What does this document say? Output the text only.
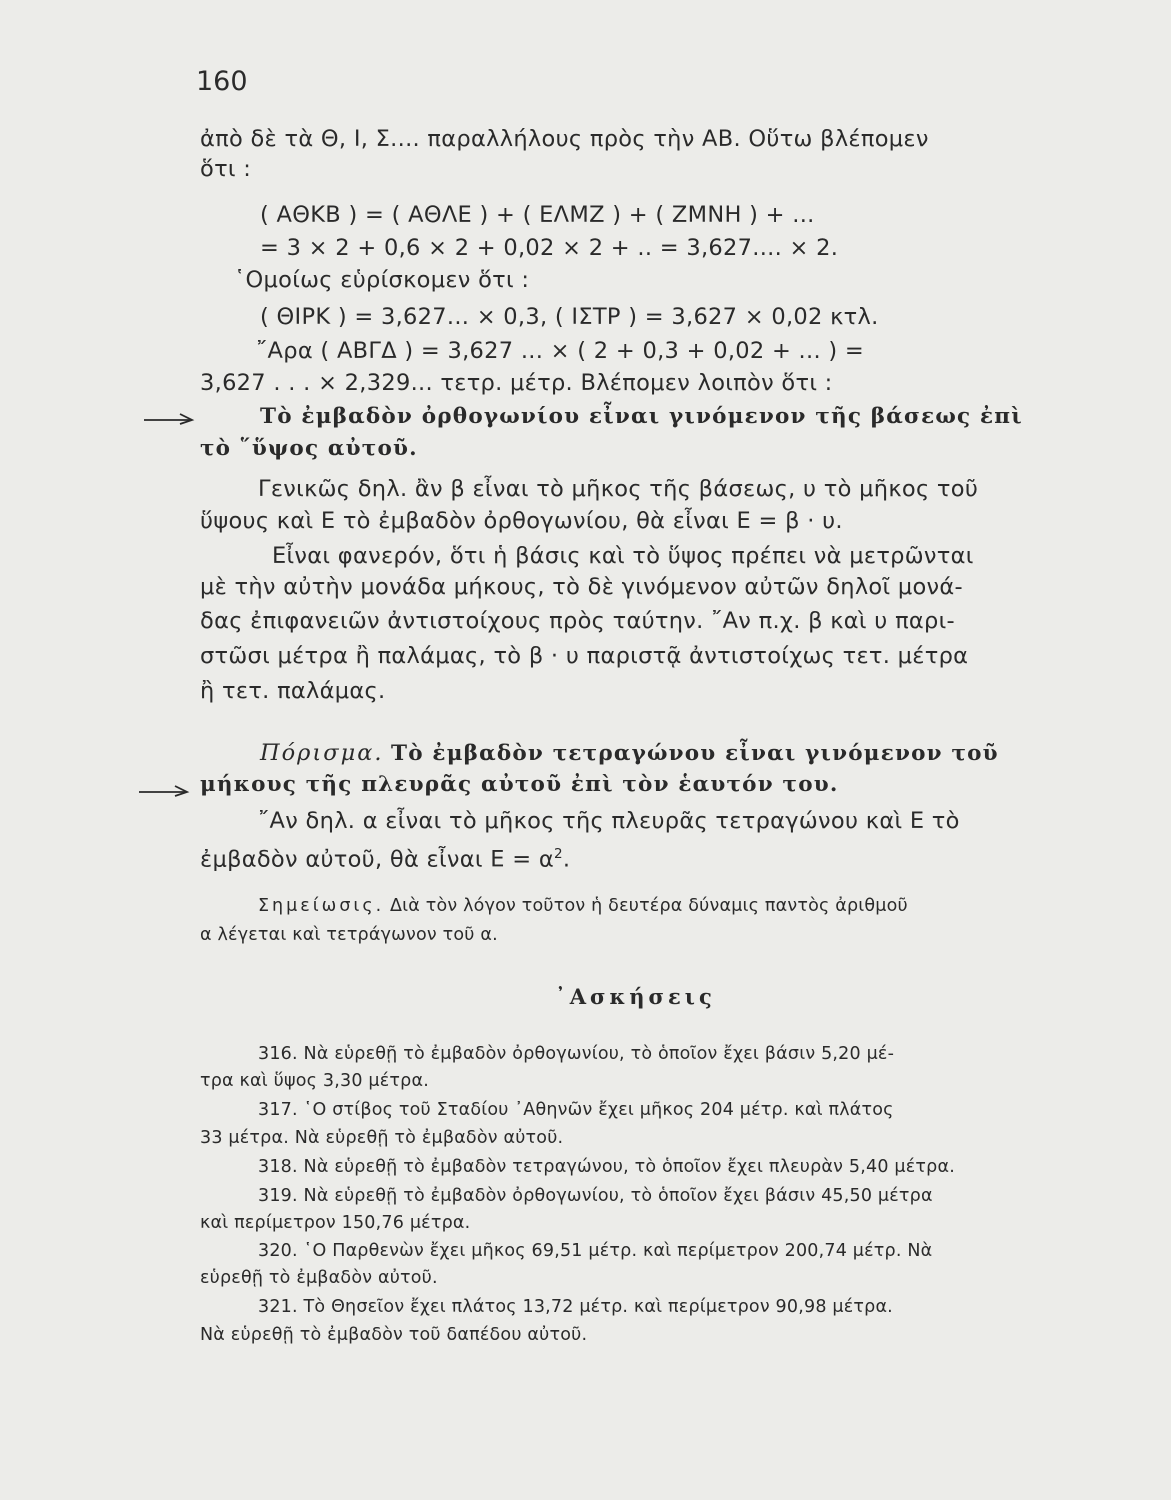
160
ἀπὸ δὲ τὰ Θ, Ι, Σ.... παραλλήλους πρὸς τὴν ΑΒ. Οὕτω βλέπομεν
ὅτι :
( ΑΘΚΒ ) = ( ΑΘΛΕ ) + ( ΕΛΜΖ ) + ( ΖΜΝΗ ) + ...
= 3 × 2 + 0,6 × 2 + 0,02 × 2 + .. = 3,627.... × 2.
῾Ομοίως εὑρίσκομεν ὅτι :
( ΘΙΡΚ ) = 3,627... × 0,3, ( ΙΣΤΡ ) = 3,627 × 0,02 κτλ.
῎Αρα ( ΑΒΓΔ ) = 3,627 ... × ( 2 + 0,3 + 0,02 + ... ) =
3,627 . . . × 2,329... τετρ. μέτρ. Βλέπομεν λοιπὸν ὅτι :
Τὸ ἐμβαδὸν ὀρθογωνίου εἶναι γινόμενον τῆς βάσεως ἐπὶ
τὸ ῞ὕψος αὐτοῦ.
Γενικῶς δηλ. ἂν β εἶναι τὸ μῆκος τῆς βάσεως, υ τὸ μῆκος τοῦ
ὕψους καὶ Ε τὸ ἐμβαδὸν ὀρθογωνίου, θὰ εἶναι Ε = β · υ.
Εἶναι φανερόν, ὅτι ἡ βάσις καὶ τὸ ὕψος πρέπει νὰ μετρῶνται
μὲ τὴν αὐτὴν μονάδα μήκους, τὸ δὲ γινόμενον αὐτῶν δηλοῖ μονά-
δας ἐπιφανειῶν ἀντιστοίχους πρὸς ταύτην. ῎Αν π.χ. β καὶ υ παρι-
στῶσι μέτρα ἢ παλάμας, τὸ β · υ παριστᾷ ἀντιστοίχως τετ. μέτρα
ἢ τετ. παλάμας.
Πόρισμα. Τὸ ἐμβαδὸν τετραγώνου εἶναι γινόμενον τοῦ
μήκους τῆς πλευρᾶς αὐτοῦ ἐπὶ τὸν ἑαυτόν του.
῎Αν δηλ. α εἶναι τὸ μῆκος τῆς πλευρᾶς τετραγώνου καὶ Ε τὸ
ἐμβαδὸν αὐτοῦ, θὰ εἶναι $E = \alpha^2$.
Σημείωσις. Διὰ τὸν λόγον τοῦτον ἡ δευτέρα δύναμις παντὸς ἀριθμοῦ
α λέγεται καὶ τετράγωνον τοῦ α.
᾿Ασκήσεις
316. Νὰ εὑρεθῇ τὸ ἐμβαδὸν ὀρθογωνίου, τὸ ὁποῖον ἔχει βάσιν 5,20 μέ-
τρα καὶ ὕψος 3,30 μέτρα.
317. ῾Ο στίβος τοῦ Σταδίου ᾿Αθηνῶν ἔχει μῆκος 204 μέτρ. καὶ πλάτος
33 μέτρα. Νὰ εὑρεθῇ τὸ ἐμβαδὸν αὐτοῦ.
318. Νὰ εὑρεθῇ τὸ ἐμβαδὸν τετραγώνου, τὸ ὁποῖον ἔχει πλευρὰν 5,40 μέτρα.
319. Νὰ εὑρεθῇ τὸ ἐμβαδὸν ὀρθογωνίου, τὸ ὁποῖον ἔχει βάσιν 45,50 μέτρα
καὶ περίμετρον 150,76 μέτρα.
320. ῾Ο Παρθενὼν ἔχει μῆκος 69,51 μέτρ. καὶ περίμετρον 200,74 μέτρ. Νὰ
εὑρεθῇ τὸ ἐμβαδὸν αὐτοῦ.
321. Τὸ Θησεῖον ἔχει πλάτος 13,72 μέτρ. καὶ περίμετρον 90,98 μέτρα.
Νὰ εὑρεθῇ τὸ ἐμβαδὸν τοῦ δαπέδου αὐτοῦ.
